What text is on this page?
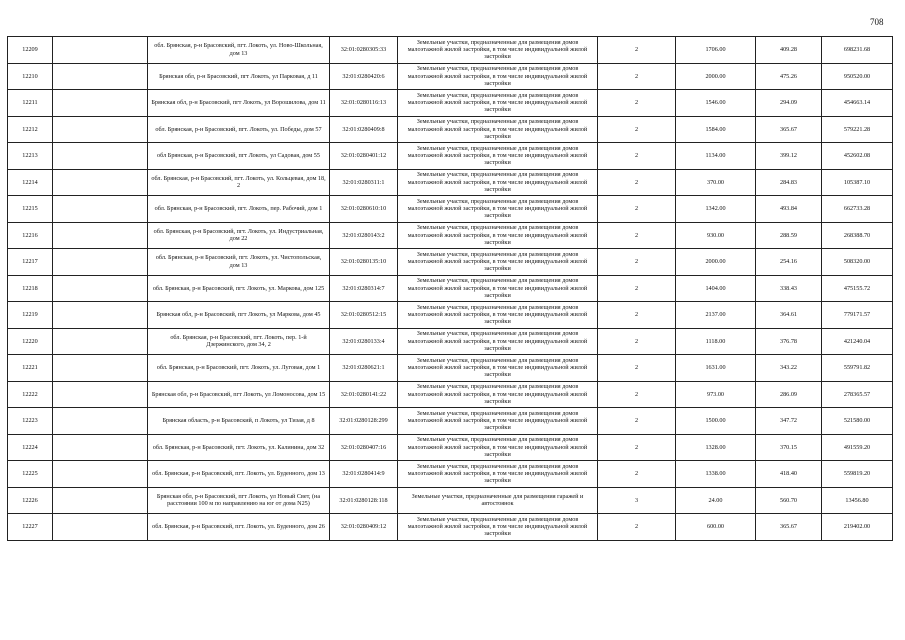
708
12209		обл. Брянская, р-н Брасовский, пгт. Локоть, ул. Ново-Школьная, дом 13	32:01:0280305:33	Земельные участки, предназначенные для размещения домов малоэтажной жилой застройки, в том числе индивидуальной жилой застройки	2	1706.00	409.28	698231.68
12210		Брянская обл, р-н Брасовский, пгт Локоть, ул Парковая, д 11	32:01:0280420:6	Земельные участки, предназначенные для размещения домов малоэтажной жилой застройки, в том числе индивидуальной жилой застройки	2	2000.00	475.26	950520.00
12211		Брянская обл, р-н Брасовский, пгт Локоть, ул Ворошилова, дом 11	32:01:0280116:13	Земельные участки, предназначенные для размещения домов малоэтажной жилой застройки, в том числе индивидуальной жилой застройки	2	1546.00	294.09	454663.14
12212		обл. Брянская, р-н Брасовский, пгт. Локоть, ул. Победы, дом 57	32:01:0280409:8	Земельные участки, предназначенные для размещения домов малоэтажной жилой застройки, в том числе индивидуальной жилой застройки	2	1584.00	365.67	579221.28
12213		обл Брянская, р-н Брасовский, пгт Локоть, ул Садовая, дом 55	32:01:0280401:12	Земельные участки, предназначенные для размещения домов малоэтажной жилой застройки, в том числе индивидуальной жилой застройки	2	1134.00	399.12	452602.08
12214		обл. Брянская, р-н Брасовский, пгт. Локоть, ул. Кольцевая, дом 18, 2	32:01:0280311:1	Земельные участки, предназначенные для размещения домов малоэтажной жилой застройки, в том числе индивидуальной жилой застройки	2	370.00	284.83	105387.10
12215		обл. Брянская, р-н Брасовский, пгт. Локоть, пер. Рабочий, дом 1	32:01:0280610:10	Земельные участки, предназначенные для размещения домов малоэтажной жилой застройки, в том числе индивидуальной жилой застройки	2	1342.00	493.84	662733.28
12216		обл. Брянская, р-н Брасовский, пгт. Локоть, ул. Индустриальная, дом 22	32:01:0280143:2	Земельные участки, предназначенные для размещения домов малоэтажной жилой застройки, в том числе индивидуальной жилой застройки	2	930.00	288.59	268388.70
12217		обл. Брянская, р-н Брасовский, пгт. Локоть, ул. Чистопольская, дом 13	32:01:0280135:10	Земельные участки, предназначенные для размещения домов малоэтажной жилой застройки, в том числе индивидуальной жилой застройки	2	2000.00	254.16	508320.00
12218		обл. Брянская, р-н Брасовский, пгт. Локоть, ул. Маркова, дом 125	32:01:0280314:7	Земельные участки, предназначенные для размещения домов малоэтажной жилой застройки, в том числе индивидуальной жилой застройки	2	1404.00	338.43	475155.72
12219		Брянская обл, р-н Брасовский, пгт Локоть, ул Маркова, дом 45	32:01:0280512:15	Земельные участки, предназначенные для размещения домов малоэтажной жилой застройки, в том числе индивидуальной жилой застройки	2	2137.00	364.61	779171.57
12220		обл. Брянская, р-н Брасовский, пгт. Локоть, пер. 1-й Дзержинского, дом 34, 2	32:01:0280133:4	Земельные участки, предназначенные для размещения домов малоэтажной жилой застройки, в том числе индивидуальной жилой застройки	2	1118.00	376.78	421240.04
12221		обл. Брянская, р-н Брасовский, пгт. Локоть, ул. Луговая, дом 1	32:01:0280621:1	Земельные участки, предназначенные для размещения домов малоэтажной жилой застройки, в том числе индивидуальной жилой застройки	2	1631.00	343.22	559791.82
12222		Брянская обл, р-н Брасовский, пгт Локоть, ул Ломоносова, дом 15	32:01:0280141:22	Земельные участки, предназначенные для размещения домов малоэтажной жилой застройки, в том числе индивидуальной жилой застройки	2	973.00	286.09	278365.57
12223		Брянская область, р-н Брасовский, п Локоть, ул Тизая, д 8	32:01:0280128:299	Земельные участки, предназначенные для размещения домов малоэтажной жилой застройки, в том числе индивидуальной жилой застройки	2	1500.00	347.72	521580.00
12224		обл. Брянская, р-н Брасовский, пгт. Локоть, ул. Калинина, дом 32	32:01:0280407:16	Земельные участки, предназначенные для размещения домов малоэтажной жилой застройки, в том числе индивидуальной жилой застройки	2	1328.00	370.15	491559.20
12225		обл. Брянская, р-н Брасовский, пгт. Локоть, ул. Буденного, дом 13	32:01:0280414:9	Земельные участки, предназначенные для размещения домов малоэтажной жилой застройки, в том числе индивидуальной жилой застройки	2	1338.00	418.40	559819.20
12226		Брянская обл, р-н Брасовский, пгт Локоть, ул Новый Свет, (на расстоянии 100 м по направлению на юг от дома N25)	32:01:0280128:118	Земельные участки, предназначенные для размещения гаражей и автостоянок	3	24.00	560.70	13456.80
12227		обл. Брянская, р-н Брасовский, пгт. Локоть, ул. Буденного, дом 26	32:01:0280409:12	Земельные участки, предназначенные для размещения домов малоэтажной жилой застройки, в том числе индивидуальной жилой застройки	2	600.00	365.67	219402.00
